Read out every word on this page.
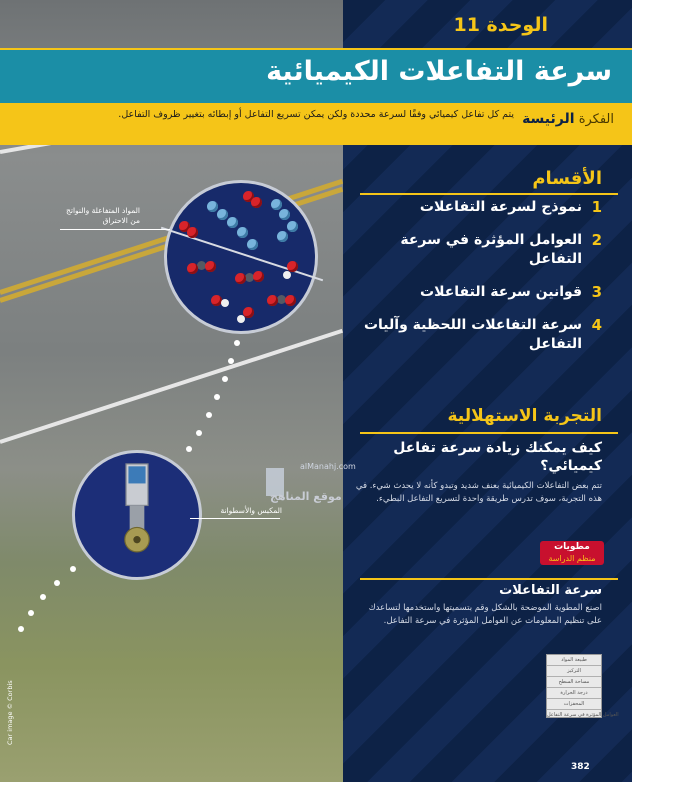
الوحدة 11
سرعة التفاعلات الكيميائية
الفكرة الرئيسة
يتم كل تفاعل كيميائي وفقًا لسرعة محددة ولكن يمكن تسريع التفاعل أو إبطائه بتغيير ظروف التفاعل.
الأقسام
1
نموذج لسرعة التفاعلات
2
العوامل المؤثرة في سرعة التفاعل
3
قوانين سرعة التفاعلات
4
سرعة التفاعلات اللحظية وآليات التفاعل
التجربة الاستهلالية
كيف يمكنك زيادة سرعة تفاعل كيميائي؟
تتم بعض التفاعلات الكيميائية بعنف شديد وتبدو كأنه لا يحدث شيء. في هذه التجربة، سوف تدرس طريقة واحدة لتسريع التفاعل البطيء.
مطويات
منظم الدراسة
سرعة التفاعلات
اصنع المطوية الموضحة بالشكل وقم بتسميتها واستخدمها لتساعدك على تنظيم المعلومات عن العوامل المؤثرة في سرعة التفاعل.
طبيعة المواد
التركيز
مساحة السطح
درجة الحرارة
المحفزات
العوامل المؤثرة في سرعة التفاعل
المواد المتفاعلة والنواتج من الاحتراق
المكبس والأسطوانة
Car image © Corbis
382
alManahj.com
موقع المناهج
